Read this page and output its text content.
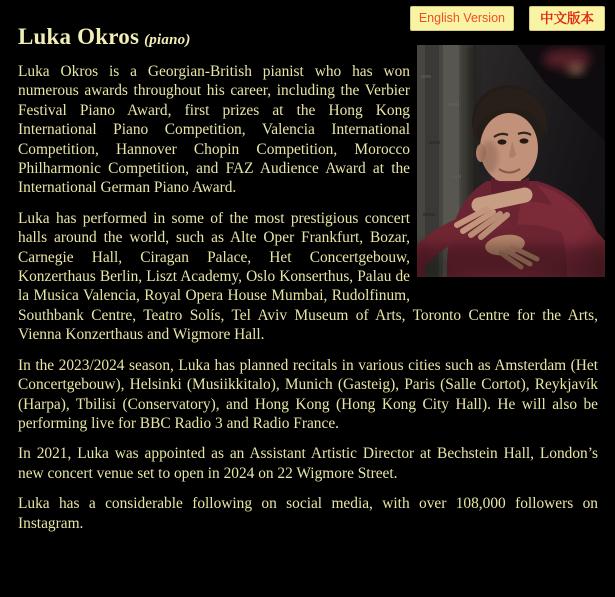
English Version	中文版本
Luka Okros (piano)

Luka Okros is a Georgian-British pianist who has won numerous awards throughout his career, including the Verbier Festival Piano Award, first prizes at the Hong Kong International Piano Competition, Valencia International Competition, Hannover Chopin Competition, Morocco Philharmonic Competition, and FAZ Audience Award at the International German Piano Award.

Luka has performed in some of the most prestigious concert halls around the world, such as Alte Oper Frankfurt, Bozar, Carnegie Hall, Ciragan Palace, Het Concertgebouw, Konzerthaus Berlin, Liszt Academy, Oslo Konserthus, Palau de la Musica Valencia, Royal Opera House Mumbai, Rudolfinum, Southbank Centre, Teatro Solís, Tel Aviv Museum of Arts, Toronto Centre for the Arts, Vienna Konzerthaus and Wigmore Hall.

In the 2023/2024 season, Luka has planned recitals in various cities such as Amsterdam (Het Concertgebouw), Helsinki (Musiikkitalo), Munich (Gasteig), Paris (Salle Cortot), Reykjavík (Harpa), Tbilisi (Conservatory), and Hong Kong (Hong Kong City Hall). He will also be performing live for BBC Radio 3 and Radio France.

In 2021, Luka was appointed as an Assistant Artistic Director at Bechstein Hall, London’s new concert venue set to open in 2024 on 22 Wigmore Street.

Luka has a considerable following on social media, with over 108,000 followers on Instagram.
